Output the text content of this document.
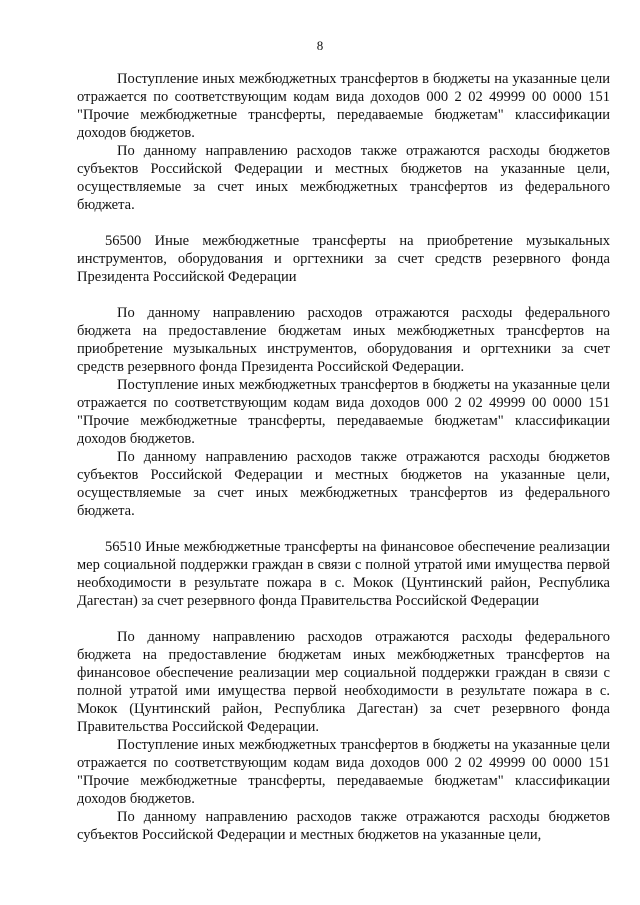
8

Поступление иных межбюджетных трансфертов в бюджеты на указанные цели отражается по соответствующим кодам вида доходов 000 2 02 49999 00 0000 151 "Прочие межбюджетные трансферты, передаваемые бюджетам" классификации доходов бюджетов.

По данному направлению расходов также отражаются расходы бюджетов субъектов Российской Федерации и местных бюджетов на указанные цели, осуществляемые за счет иных межбюджетных трансфертов из федерального бюджета.

56500 Иные межбюджетные трансферты на приобретение музыкальных инструментов, оборудования и оргтехники за счет средств резервного фонда Президента Российской Федерации

По данному направлению расходов отражаются расходы федерального бюджета на предоставление бюджетам иных межбюджетных трансфертов на приобретение музыкальных инструментов, оборудования и оргтехники за счет средств резервного фонда Президента Российской Федерации.

Поступление иных межбюджетных трансфертов в бюджеты на указанные цели отражается по соответствующим кодам вида доходов 000 2 02 49999 00 0000 151 "Прочие межбюджетные трансферты, передаваемые бюджетам" классификации доходов бюджетов.

По данному направлению расходов также отражаются расходы бюджетов субъектов Российской Федерации и местных бюджетов на указанные цели, осуществляемые за счет иных межбюджетных трансфертов из федерального бюджета.

56510 Иные межбюджетные трансферты на финансовое обеспечение реализации мер социальной поддержки граждан в связи с полной утратой ими имущества первой необходимости в результате пожара в с. Мокок (Цунтинский район, Республика Дагестан) за счет резервного фонда Правительства Российской Федерации

По данному направлению расходов отражаются расходы федерального бюджета на предоставление бюджетам иных межбюджетных трансфертов на финансовое обеспечение реализации мер социальной поддержки граждан в связи с полной утратой ими имущества первой необходимости в результате пожара в с. Мокок (Цунтинский район, Республика Дагестан) за счет резервного фонда Правительства Российской Федерации.

Поступление иных межбюджетных трансфертов в бюджеты на указанные цели отражается по соответствующим кодам вида доходов 000 2 02 49999 00 0000 151 "Прочие межбюджетные трансферты, передаваемые бюджетам" классификации доходов бюджетов.

По данному направлению расходов также отражаются расходы бюджетов субъектов Российской Федерации и местных бюджетов на указанные цели,
